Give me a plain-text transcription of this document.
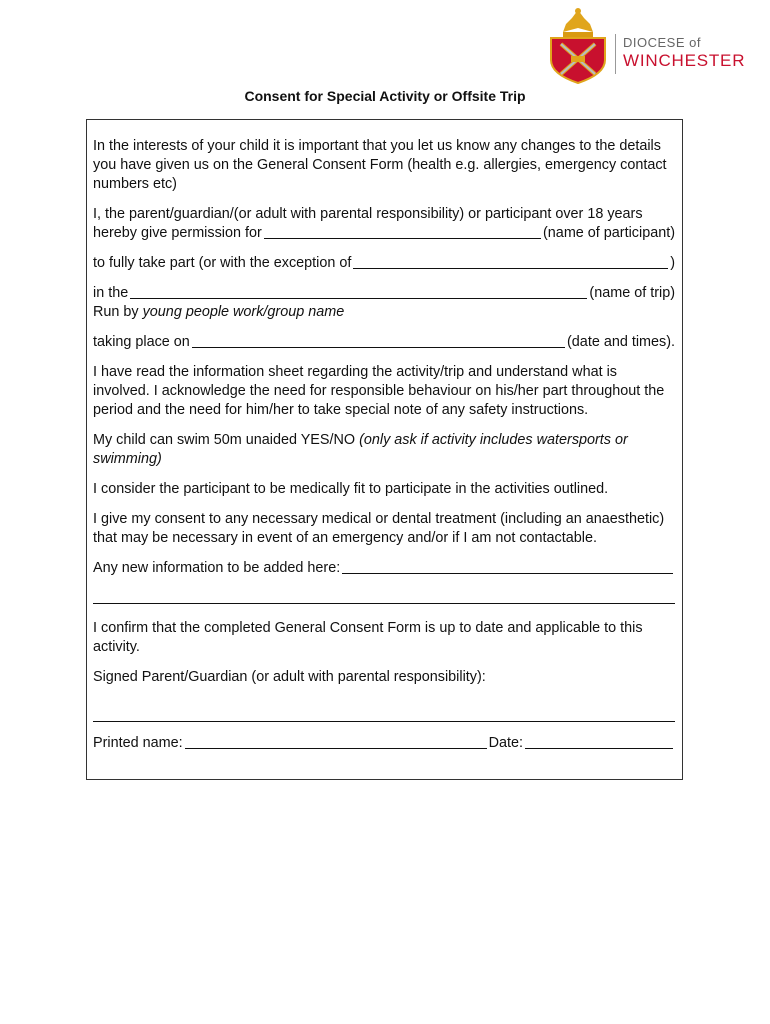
DIOCESE of
WINCHESTER
Consent for Special Activity or Offsite Trip

In the interests of your child it is important that you let us know any changes to the details you have given us on the General Consent Form (health e.g. allergies, emergency contact numbers etc)

I, the parent/guardian/(or adult with parental responsibility) or participant over 18 years
hereby give permission for	(name of participant)
to fully take part (or with the exception of	)
in the	(name of trip)
Run by young people work/group name
taking place on	(date and times).

I have read the information sheet regarding the activity/trip and understand what is involved. I acknowledge the need for responsible behaviour on his/her part throughout the period and the need for him/her to take special note of any safety instructions.

My child can swim 50m unaided YES/NO (only ask if activity includes watersports or swimming)

I consider the participant to be medically fit to participate in the activities outlined.

I give my consent to any necessary medical or dental treatment (including an anaesthetic) that may be necessary in event of an emergency and/or if I am not contactable.

Any new information to be added here:

I confirm that the completed General Consent Form is up to date and applicable to this activity.

Signed Parent/Guardian (or adult with parental responsibility):

Printed name:	Date:
